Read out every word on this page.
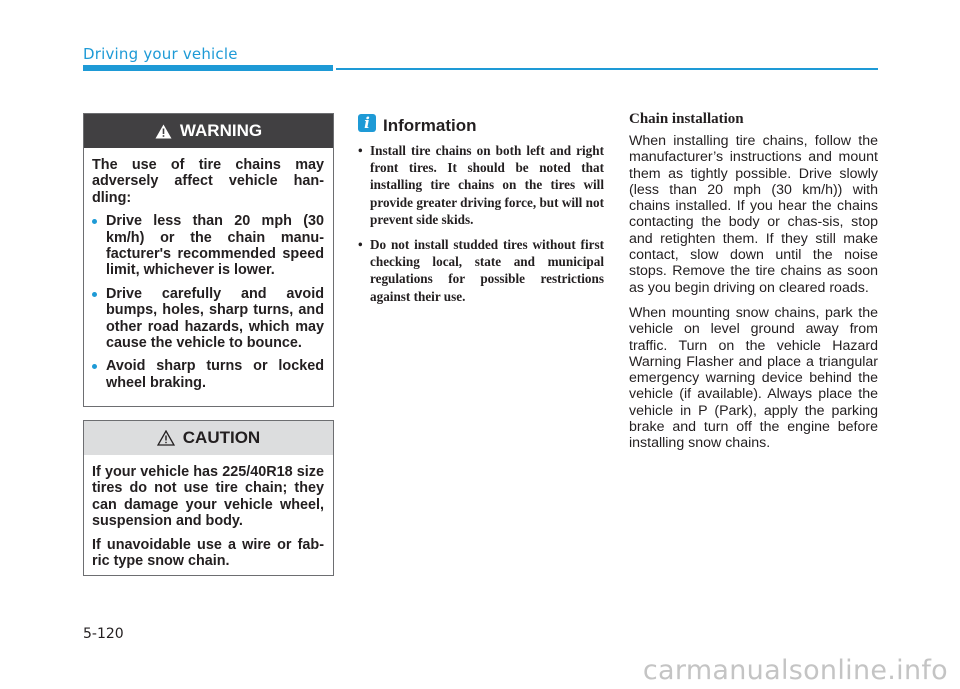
Driving your vehicle
WARNING

The use of tire chains may adversely affect vehicle han-dling:

Drive less than 20 mph (30 km/h) or the chain manu-facturer's recommended speed limit, whichever is lower.
Drive carefully and avoid bumps, holes, sharp turns, and other road hazards, which may cause the vehicle to bounce.
Avoid sharp turns or locked wheel braking.
CAUTION

If your vehicle has 225/40R18 size tires do not use tire chain; they can damage your vehicle wheel, suspension and body.

If unavoidable use a wire or fab-ric type snow chain.

i Information
• Install tire chains on both left and right front tires. It should be noted that installing tire chains on the tires will provide greater driving force, but will not prevent side skids.
• Do not install studded tires without first checking local, state and municipal regulations for possible restrictions against their use.
Chain installation

When installing tire chains, follow the manufacturer’s instructions and mount them as tightly possible. Drive slowly (less than 20 mph (30 km/h)) with chains installed. If you hear the chains contacting the body or chas-sis, stop and retighten them. If they still make contact, slow down until the noise stops. Remove the tire chains as soon as you begin driving on cleared roads.

When mounting snow chains, park the vehicle on level ground away from traffic. Turn on the vehicle Hazard Warning Flasher and place a triangular emergency warning device behind the vehicle (if available). Always place the vehicle in P (Park), apply the parking brake and turn off the engine before installing snow chains.

5-120
carmanualsonline.info
